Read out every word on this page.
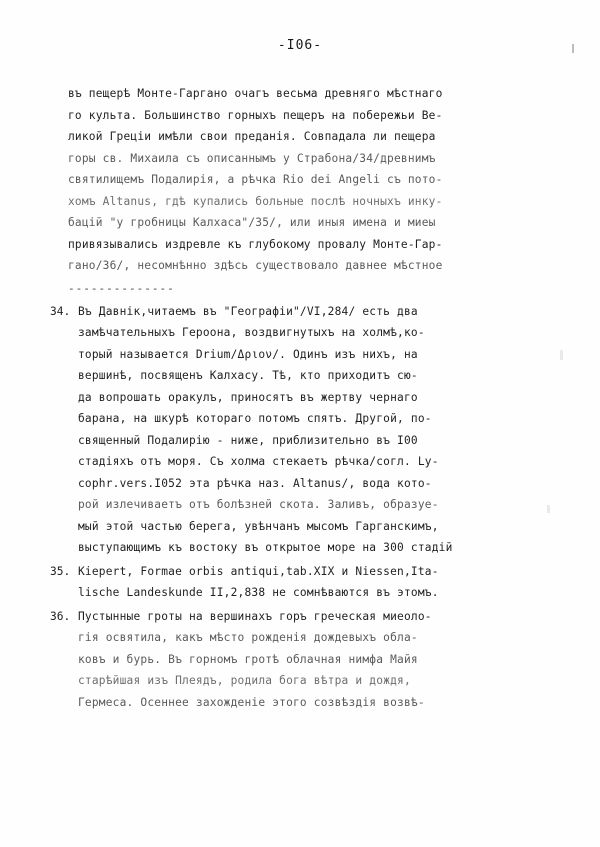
-I06-
въ пещерѣ Монте-Гаргано очагъ весьма древняго мѣстнаго
го культа. Большинство горныхъ пещеръ на побережьи Ве-
ликой Греціи имѣли свои преданія. Совпадала ли пещера
горы св. Михаила съ описаннымъ у Страбона/34/древнимъ
святилищемъ Подалирія, а рѣчка Rio dei Angeli съ пото-
хомъ Altanus, гдѣ купались больные послѣ ночныхъ инку-
бацій "у гробницы Калхаса"/35/, или иныя имена и миеы
привязывались издревле къ глубокому провалу Монте-Гар-
гано/36/, несомнѣнно здѣсь существовало давнее мѣстное
--------------
34. Въ Давнік,читаемъ въ "Географіи"/VI,284/ есть два
замѣчательныхъ Героона, воздвигнутыхъ на холмѣ,ко-
торый называется Drium/Δριον/. Одинъ изъ нихъ, на
вершинѣ, посвященъ Калхасу. Тѣ, кто приходитъ сю-
да вопрошать оракулъ, приносятъ въ жертву чернаго
барана, на шкурѣ котораго потомъ спятъ. Другой, по-
священный Подалирію - ниже, приблизительно въ I00
стадіяхъ отъ моря. Съ холма стекаетъ рѣчка/согл. Ly-
cophr.vers.I052 эта рѣчка наз. Altanus/, вода кото-
рой излечиваетъ отъ болѣзней скота. Заливъ, образуе-
мый этой частью берега, увѣнчанъ мысомъ Гарганскимъ,
выступающимъ къ востоку въ открытое море на 300 стадій
35. Kiepert, Formae orbis antiqui,tab.XIX и Niessen,Ita-
lische Landeskunde II,2,838 не сомнѣваются въ этомъ.
36. Пустынные гроты на вершинахъ горъ греческая миеоло-
гія освятила, какъ мѣсто рожденія дождевыхъ обла-
ковъ и бурь. Въ горномъ гротѣ облачная нимфа Майя
старѣйшая изъ Плеядъ, родила бога вѣтра и дождя,
Гермеса. Осеннее захожденіе этого созвѣздія возвѣ-
